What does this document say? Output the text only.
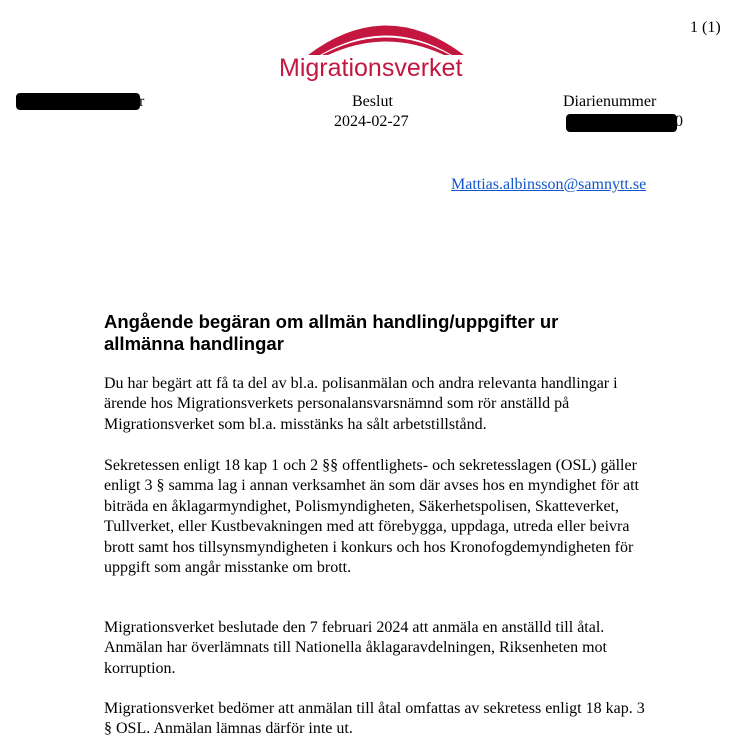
1 (1)
Migrationsverket
r	Beslut
2024-02-27
Diarienummer
0
Mattias.albinsson@samnytt.se
Angående begäran om allmän handling/uppgifter ur allmänna handlingar

Du har begärt att få ta del av bl.a. polisanmälan och andra relevanta handlingar i ärende hos Migrationsverkets personalansvarsnämnd som rör anställd på Migrationsverket som bl.a. misstänks ha sålt arbetstillstånd.

Sekretessen enligt 18 kap 1 och 2 §§ offentlighets- och sekretesslagen (OSL) gäller enligt 3 § samma lag i annan verksamhet än som där avses hos en myndighet för att biträda en åklagarmyndighet, Polismyndigheten, Säkerhetspolisen, Skatteverket, Tullverket, eller Kustbevakningen med att förebygga, uppdaga, utreda eller beivra brott samt hos tillsynsmyndigheten i konkurs och hos Kronofogdemyndigheten för uppgift som angår misstanke om brott.

Migrationsverket beslutade den 7 februari 2024 att anmäla en anställd till åtal. Anmälan har överlämnats till Nationella åklagaravdelningen, Riksenheten mot korruption.

Migrationsverket bedömer att anmälan till åtal omfattas av sekretess enligt 18 kap. 3 § OSL. Anmälan lämnas därför inte ut.
